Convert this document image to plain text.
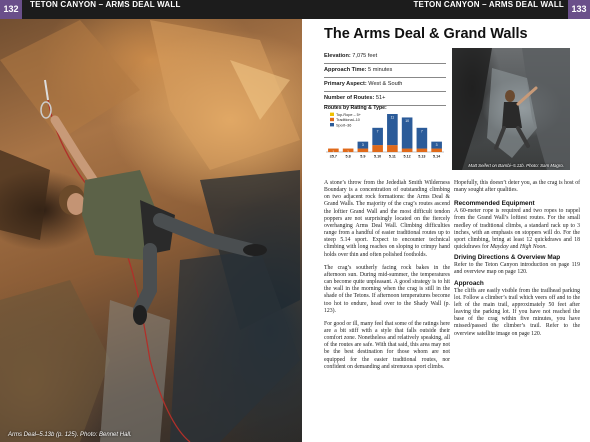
132	TETON CANYON – ARMS DEAL WALL
Arms Deal–5.13b (p. 125). Photo: Bennet Hall.
TETON CANYON – ARMS DEAL WALL 133
The Arms Deal & Grand Walls
Elevation: 7,075 feet
Approach Time: 5 minutes
Primary Aspect: West & South
Number of Routes: 51+
Routes by Rating & Type:
Top-Rope – 5+
Traditional–10
Sport–36
1
≤5.7
1
5.8
3
5.9
7
5.10
11
5.11
10
5.12
7
5.13
3
5.14
Matt Seifert on Bambi–5.11b. Photo: Sam Magro.

A stone’s throw from the Jedediah Smith Wilderness Boundary is a concentration of outstanding climbing on two adjacent rock formations: the Arms Deal & Grand Walls. The majority of the crag’s routes ascend the loftier Grand Wall and the most difficult tendon poppers are not surprisingly located on the fiercely overhanging Arms Deal Wall. Climbing difficulties range from a handful of easier traditional routes up to steep 5.14 sport. Expect to encounter technical climbing with long reaches on sloping to crimpy hand holds over thin and often polished footholds.

The crag’s southerly facing rock bakes in the afternoon sun. During mid-summer, the temperatures can become quite unpleasant. A good strategy is to hit the wall in the morning when the crag is still in the shade of the Tetons. If afternoon temperatures become too hot to endure, head over to the Shady Wall (p. 123).

For good or ill, many feel that some of the ratings here are a bit stiff with a style that falls outside their comfort zone. Nonetheless and relatively speaking, all of the routes are safe. With that said, this area may not be the best destination for those whom are not equipped for the easier traditional routes, nor confident on demanding and strenuous sport climbs.

Hopefully, this doesn’t deter you, as the crag is host of many sought after qualities.

Recommended Equipment

A 60-meter rope is required and two ropes to rappel from the Grand Wall’s loftiest routes. For the small medley of traditional climbs, a standard rack up to 3 inches, with an emphasis on stoppers will do. For the sport climbing, bring at least 12 quickdraws and 18 quickdraws for Mayday and High Noon.

Driving Directions & Overview Map

Refer to the Teton Canyon introduction on page 119 and overview map on page 120.

Approach

The cliffs are easily visible from the trailhead parking lot. Follow a climber’s trail which veers off and to the left of the main trail, approximately 50 feet after leaving the parking lot. If you have not reached the base of the crag within five minutes, you have missed/passed the climber’s trail. Refer to the overview satellite image on page 120.
